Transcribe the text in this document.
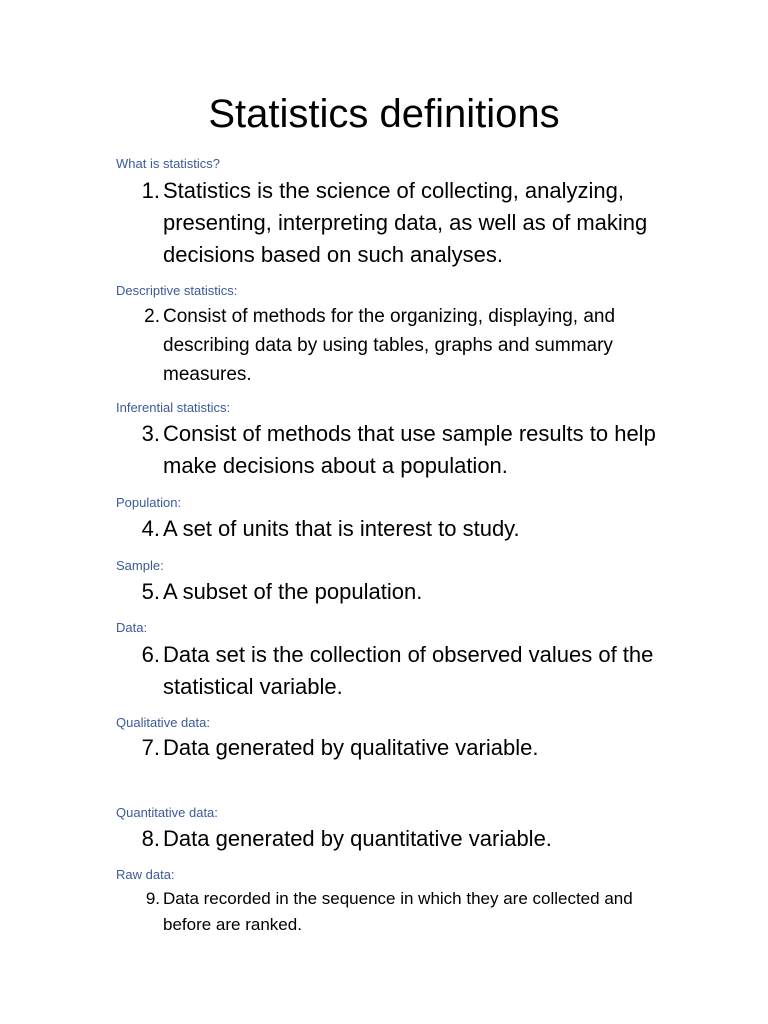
Statistics definitions

What is statistics?

1. Statistics is the science of collecting, analyzing, presenting, interpreting data, as well as of making decisions based on such analyses.

Descriptive statistics:

2. Consist of methods for the organizing, displaying, and describing data by using tables, graphs and summary measures.

Inferential statistics:

3. Consist of methods that use sample results to help make decisions about a population.

Population:

4. A set of units that is interest to study.

Sample:

5. A subset of the population.

Data:

6. Data set is the collection of observed values of the statistical variable.

Qualitative data:

7. Data generated by qualitative variable.

Quantitative data:

8. Data generated by quantitative variable.

Raw data:

9. Data recorded in the sequence in which they are collected and before are ranked.
